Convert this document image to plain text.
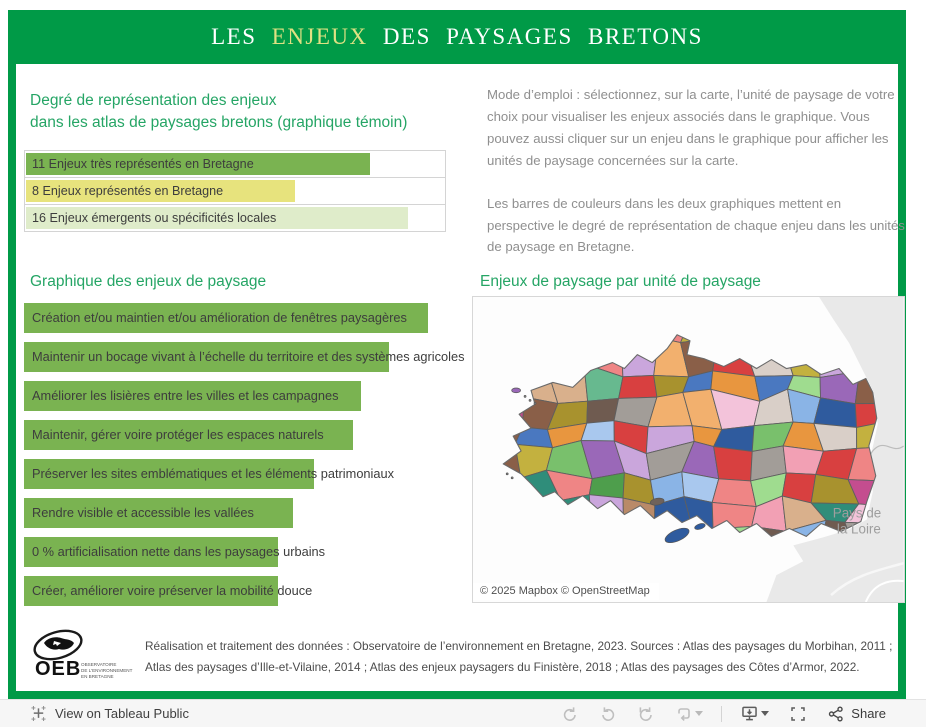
LES ENJEUX DES PAYSAGES BRETONS
Degré de représentation des enjeux
dans les atlas de paysages bretons (graphique témoin)
11 Enjeux très représentés en Bretagne
8 Enjeux représentés en Bretagne
16 Enjeux émergents ou spécificités locales

Mode d’emploi : sélectionnez, sur la carte, l’unité de paysage de votre choix pour visualiser les enjeux associés dans le graphique. Vous pouvez aussi cliquer sur un enjeu dans le graphique pour afficher les unités de paysage concernées sur la carte.

Les barres de couleurs dans les deux graphiques mettent en perspective le degré de représentation de chaque enjeu dans les unités de paysage en Bretagne.

Graphique des enjeux de paysage
Création et/ou maintien et/ou amélioration de fenêtres paysagères
Maintenir un bocage vivant à l’échelle du territoire et des systèmes agricoles
Améliorer les lisières entre les villes et les campagnes
Maintenir, gérer voire protéger les espaces naturels
Préserver les sites emblématiques et les éléments patrimoniaux
Rendre visible et accessible les vallées
0 % artificialisation nette dans les paysages urbains
Créer, améliorer voire préserver la mobilité douce
Enjeux de paysage par unité de paysage
Pays de la Loire
© 2025 Mapbox © OpenStreetMap
OEB OBSERVATOIRE
DE L'ENVIRONNEMENT
EN BRETAGNE
Réalisation et traitement des données : Observatoire de l’environnement en Bretagne, 2023. Sources : Atlas des paysages du Morbihan, 2011 ; Atlas des paysages d’Ille-et-Vilaine, 2014 ; Atlas des enjeux paysagers du Finistère, 2018 ; Atlas des paysages des Côtes d’Armor, 2022.
View on Tableau Public	Share
